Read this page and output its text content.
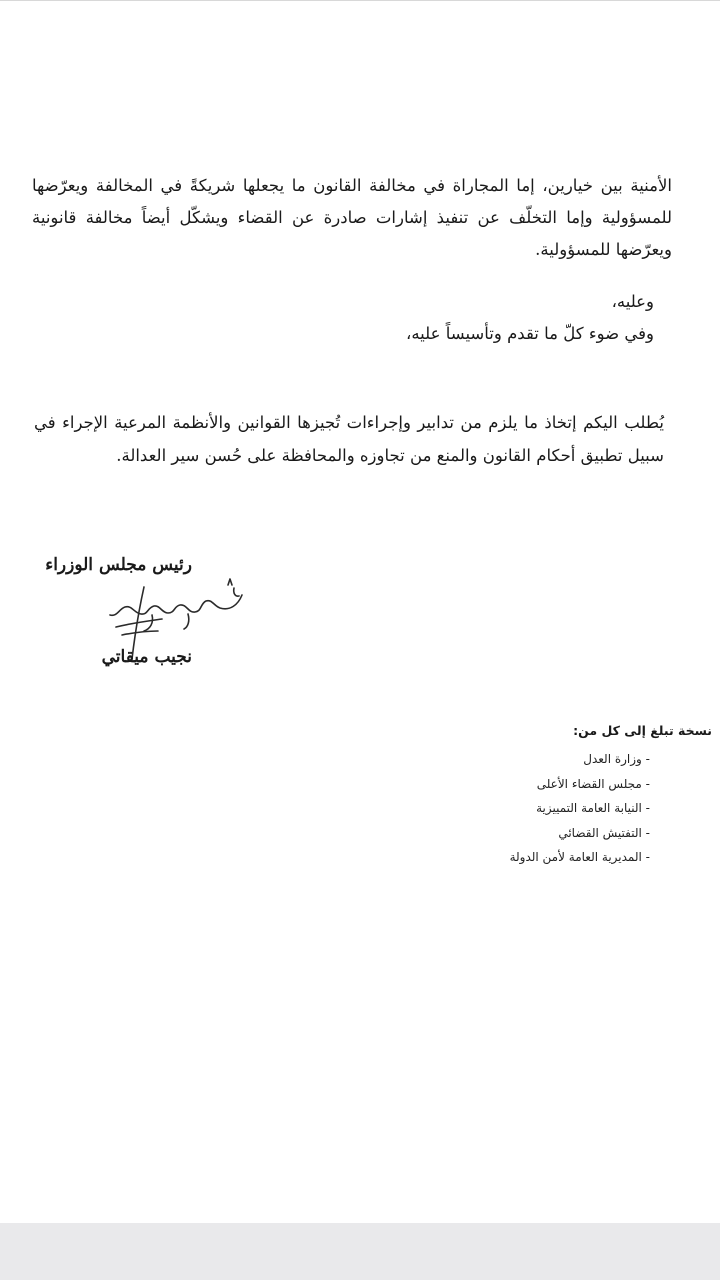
الأمنية بين خيارين، إما المجاراة في مخالفة القانون ما يجعلها شريكةً في المخالفة ويعرّضها للمسؤولية وإما التخلّف عن تنفيذ إشارات صادرة عن القضاء ويشكّل أيضاً مخالفة قانونية ويعرّضها للمسؤولية.

وعليه،
وفي ضوء كلّ ما تقدم وتأسيساً عليه،

يُطلب اليكم إتخاذ ما يلزم من تدابير وإجراءات تُجيزها القوانين والأنظمة المرعية الإجراء في سبيل تطبيق أحكام القانون والمنع من تجاوزه والمحافظة على حُسن سير العدالة.

رئيس مجلس الوزراء
نجيب ميقاتي
نسخة تبلغ إلى كل من:
- وزارة العدل
- مجلس القضاء الأعلى
- النيابة العامة التمييزية
- التفتيش القضائي
- المديرية العامة لأمن الدولة
